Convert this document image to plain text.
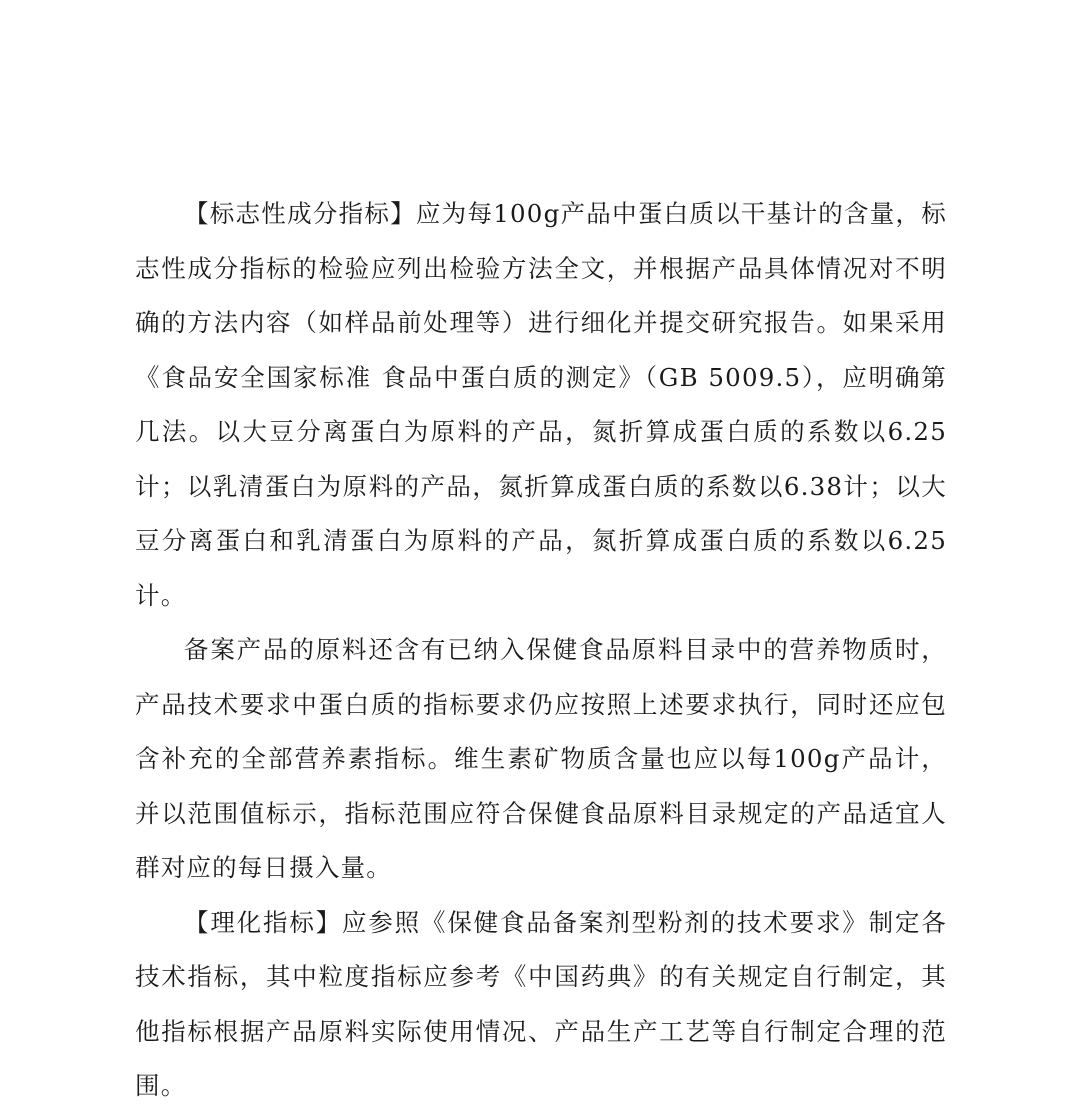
【标志性成分指标】应为每100g产品中蛋白质以干基计的含量，标志性成分指标的检验应列出检验方法全文，并根据产品具体情况对不明确的方法内容（如样品前处理等）进行细化并提交研究报告。如果采用《食品安全国家标准 食品中蛋白质的测定》（GB 5009.5），应明确第几法。以大豆分离蛋白为原料的产品，氮折算成蛋白质的系数以6.25计；以乳清蛋白为原料的产品，氮折算成蛋白质的系数以6.38计；以大豆分离蛋白和乳清蛋白为原料的产品，氮折算成蛋白质的系数以6.25计。

备案产品的原料还含有已纳入保健食品原料目录中的营养物质时，产品技术要求中蛋白质的指标要求仍应按照上述要求执行，同时还应包含补充的全部营养素指标。维生素矿物质含量也应以每100g产品计，并以范围值标示，指标范围应符合保健食品原料目录规定的产品适宜人群对应的每日摄入量。

【理化指标】应参照《保健食品备案剂型粉剂的技术要求》制定各技术指标，其中粒度指标应参考《中国药典》的有关规定自行制定，其他指标根据产品原料实际使用情况、产品生产工艺等自行制定合理的范围。
